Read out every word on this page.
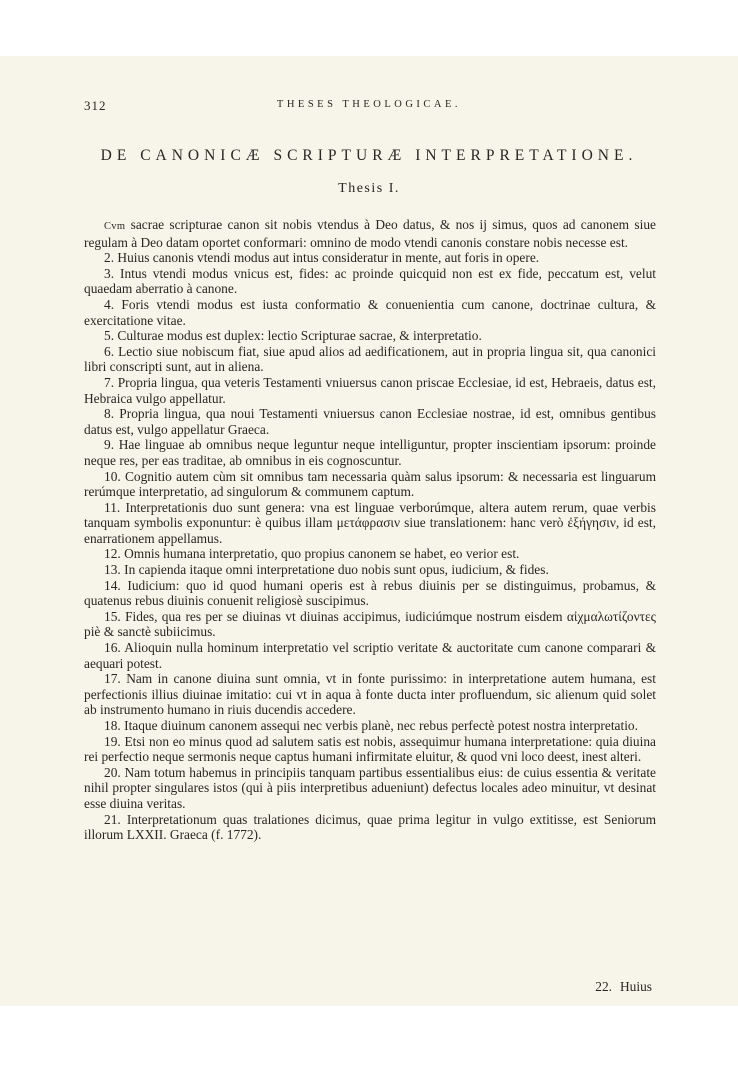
312	THESES THEOLOGICAE.
DE CANONICÆ SCRIPTURÆ INTERPRETATIONE.
Thesis I.

Cvm sacrae scripturae canon sit nobis vtendus à Deo datus, & nos ij simus, quos ad canonem siue regulam à Deo datam oportet conformari: omnino de modo vtendi canonis constare nobis necesse est.

2. Huius canonis vtendi modus aut intus consideratur in mente, aut foris in opere.

3. Intus vtendi modus vnicus est, fides: ac proinde quicquid non est ex fide, peccatum est, velut quaedam aberratio à canone.

4. Foris vtendi modus est iusta conformatio & conuenientia cum canone, doctrinae cultura, & exercitatione vitae.

5. Culturae modus est duplex: lectio Scripturae sacrae, & interpretatio.

6. Lectio siue nobiscum fiat, siue apud alios ad aedificationem, aut in propria lingua sit, qua canonici libri conscripti sunt, aut in aliena.

7. Propria lingua, qua veteris Testamenti vniuersus canon priscae Ecclesiae, id est, Hebraeis, datus est, Hebraica vulgo appellatur.

8. Propria lingua, qua noui Testamenti vniuersus canon Ecclesiae nostrae, id est, omnibus gentibus datus est, vulgo appellatur Graeca.

9. Hae linguae ab omnibus neque leguntur neque intelliguntur, propter inscientiam ipsorum: proinde neque res, per eas traditae, ab omnibus in eis cognoscuntur.

10. Cognitio autem cùm sit omnibus tam necessaria quàm salus ipsorum: & necessaria est linguarum rerúmque interpretatio, ad singulorum & communem captum.

11. Interpretationis duo sunt genera: vna est linguae verborúmque, altera autem rerum, quae verbis tanquam symbolis exponuntur: è quibus illam μετάφρασιν siue translationem: hanc verò ἐξήγησιν, id est, enarrationem appellamus.

12. Omnis humana interpretatio, quo propius canonem se habet, eo verior est.

13. In capienda itaque omni interpretatione duo nobis sunt opus, iudicium, & fides.

14. Iudicium: quo id quod humani operis est à rebus diuinis per se distinguimus, probamus, & quatenus rebus diuinis conuenit religiosè suscipimus.

15. Fides, qua res per se diuinas vt diuinas accipimus, iudiciúmque nostrum eisdem αἰχμαλωτίζοντες piè & sanctè subiicimus.

16. Alioquin nulla hominum interpretatio vel scriptio veritate & auctoritate cum canone comparari & aequari potest.

17. Nam in canone diuina sunt omnia, vt in fonte purissimo: in interpretatione autem humana, est perfectionis illius diuinae imitatio: cui vt in aqua à fonte ducta inter profluendum, sic alienum quid solet ab instrumento humano in riuis ducendis accedere.

18. Itaque diuinum canonem assequi nec verbis planè, nec rebus perfectè potest nostra interpretatio.

19. Etsi non eo minus quod ad salutem satis est nobis, assequimur humana interpretatione: quia diuina rei perfectio neque sermonis neque captus humani infirmitate eluitur, & quod vni loco deest, inest alteri.

20. Nam totum habemus in principiis tanquam partibus essentialibus eius: de cuius essentia & veritate nihil propter singulares istos (qui à piis interpretibus adueniunt) defectus locales adeo minuitur, vt desinat esse diuina veritas.

21. Interpretationum quas tralationes dicimus, quae prima legitur in vulgo extitisse, est Seniorum illorum LXXII. Graeca (f. 1772).

22. Huius
